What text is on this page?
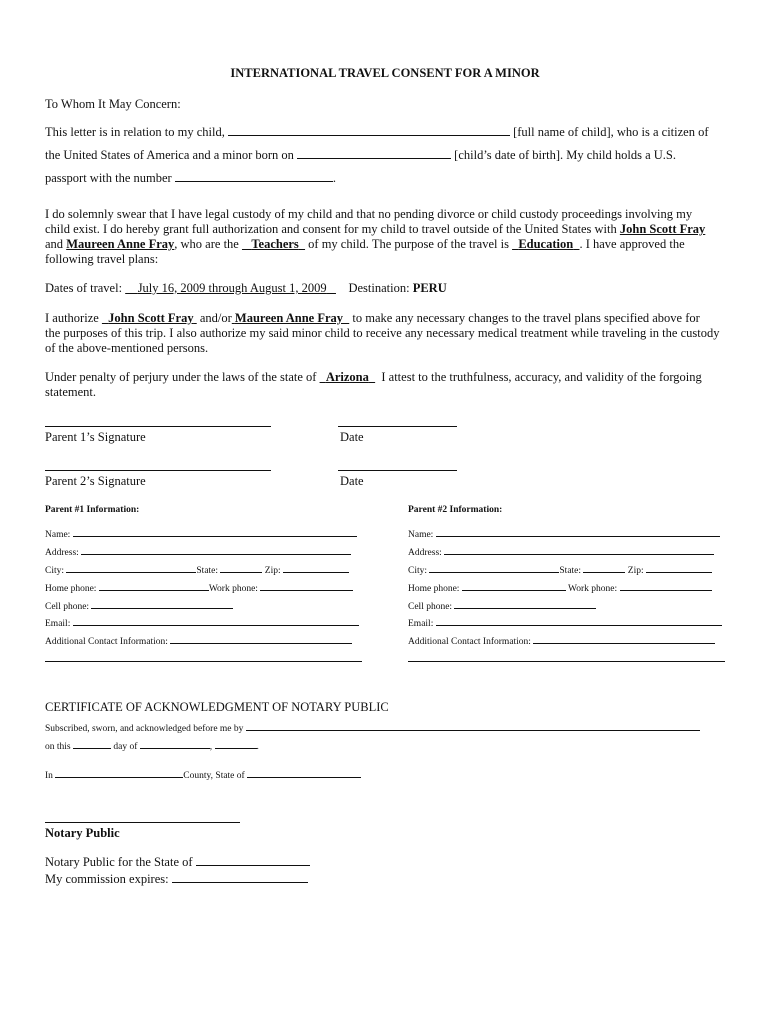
INTERNATIONAL TRAVEL CONSENT FOR A MINOR
To Whom It May Concern:
This letter is in relation to my child,	[full name of child], who is a citizen of
the United States of America and a minor born on	[child’s date of birth]. My child holds a U.S.
passport with the number	.
I do solemnly swear that I have legal custody of my child and that no pending divorce or child custody proceedings involving my
child exist. I do hereby grant full authorization and consent for my child to travel outside of the United States with John Scott Fray
and Maureen Anne Fray, who are the Teachers of my child. The purpose of the travel is Education . I have approved the
following travel plans:
Dates of travel: July 16, 2009 through August 1, 2009 Destination: PERU
I authorize John Scott Fray and/or Maureen Anne Fray to make any necessary changes to the travel plans specified above for
the purposes of this trip. I also authorize my said minor child to receive any necessary medical treatment while traveling in the custody
of the above-mentioned persons.
Under penalty of perjury under the laws of the state of Arizona I attest to the truthfulness, accuracy, and validity of the forgoing
statement.
Parent 1’s Signature	Date
Parent 2’s Signature	Date
Parent #1 Information:
Name:
Address:
City:	State:	Zip:
Home phone:	Work phone:
Cell phone:
Email:
Additional Contact Information:
Parent #2 Information:
Name:
Address:
City:	State:	Zip:
Home phone:	Work phone:
Cell phone:
Email:
Additional Contact Information:
CERTIFICATE OF ACKNOWLEDGMENT OF NOTARY PUBLIC
Subscribed, sworn, and acknowledged before me by
on this	day of	,	.
In	County, State of
Notary Public
Notary Public for the State of
My commission expires:
